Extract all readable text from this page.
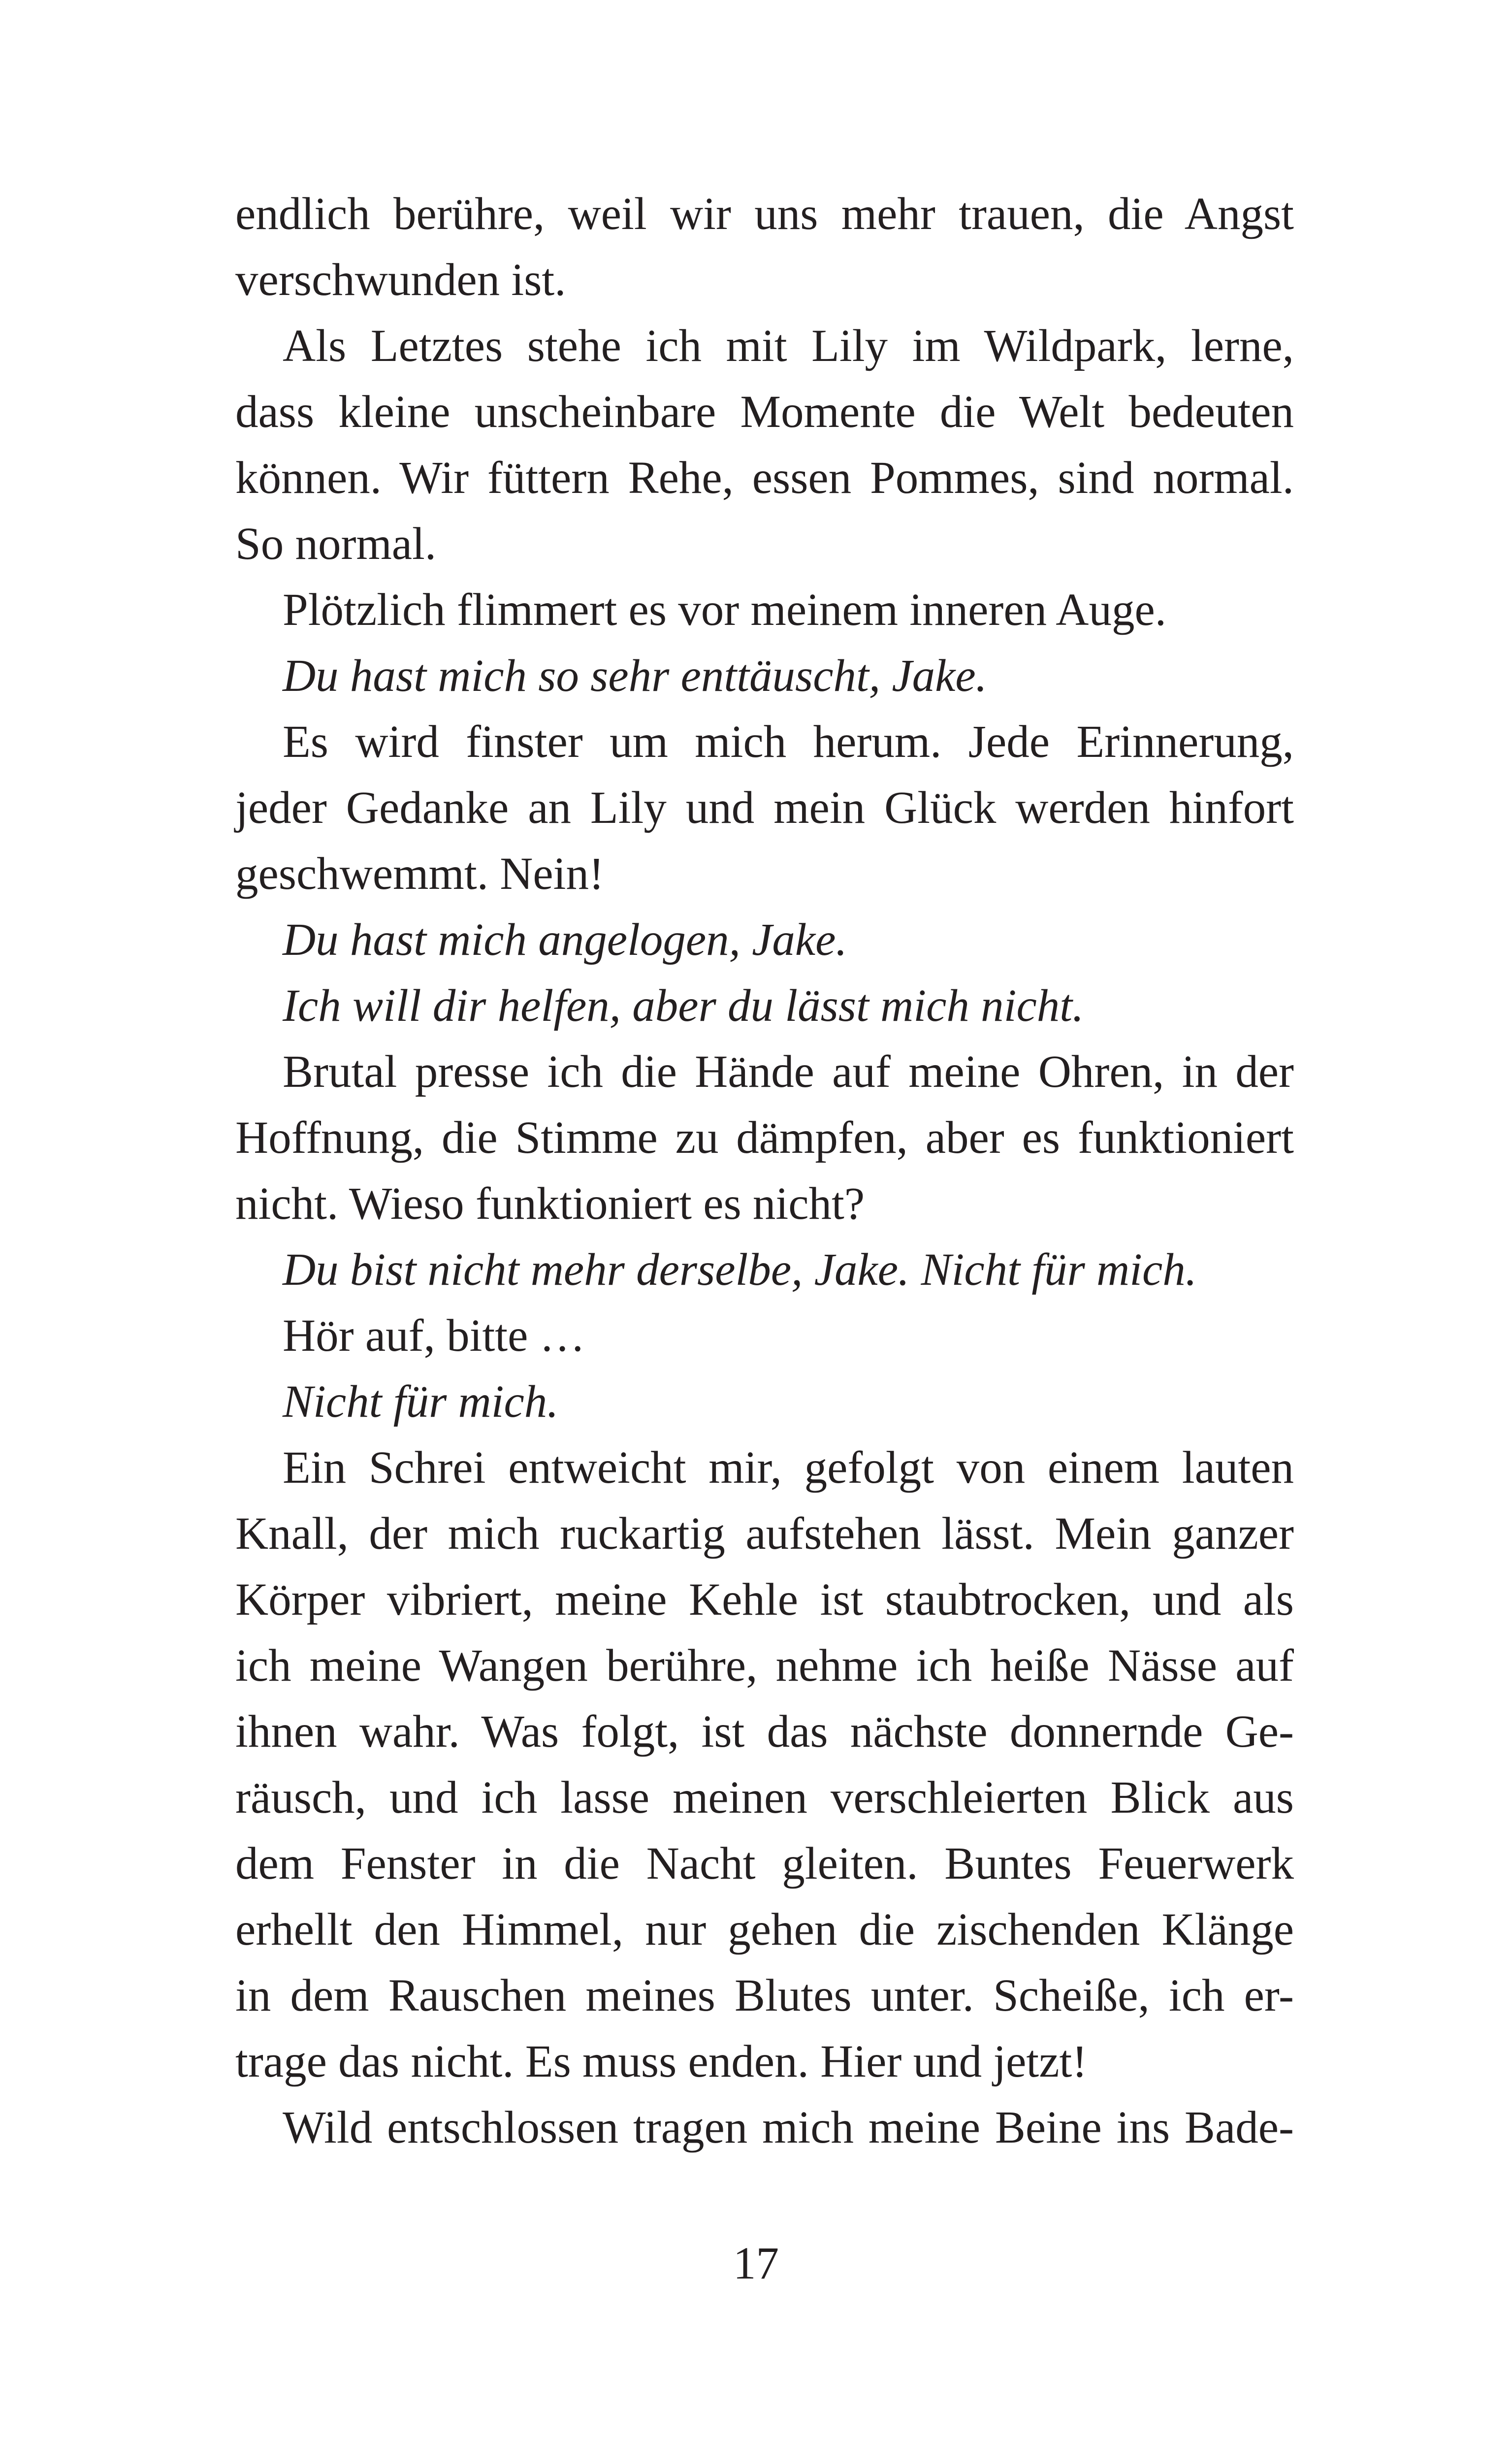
endlich berühre, weil wir uns mehr trauen, die Angst
verschwunden ist.
Als Letztes stehe ich mit Lily im Wildpark, lerne,
dass kleine unscheinbare Momente die Welt bedeuten
können. Wir füttern Rehe, essen Pommes, sind normal.
So normal.
Plötzlich flimmert es vor meinem inneren Auge.
Du hast mich so sehr enttäuscht, Jake.
Es wird finster um mich herum. Jede Erinnerung,
jeder Gedanke an Lily und mein Glück werden hinfort
geschwemmt. Nein!
Du hast mich angelogen, Jake.
Ich will dir helfen, aber du lässt mich nicht.
Brutal presse ich die Hände auf meine Ohren, in der
Hoffnung, die Stimme zu dämpfen, aber es funktioniert
nicht. Wieso funktioniert es nicht?
Du bist nicht mehr derselbe, Jake. Nicht für mich.
Hör auf, bitte …
Nicht für mich.
Ein Schrei entweicht mir, gefolgt von einem lauten
Knall, der mich ruckartig aufstehen lässt. Mein ganzer
Körper vibriert, meine Kehle ist staubtrocken, und als
ich meine Wangen berühre, nehme ich heiße Nässe auf
ihnen wahr. Was folgt, ist das nächste donnernde Ge-
räusch, und ich lasse meinen verschleierten Blick aus
dem Fenster in die Nacht gleiten. Buntes Feuerwerk
erhellt den Himmel, nur gehen die zischenden Klänge
in dem Rauschen meines Blutes unter. Scheiße, ich er-
trage das nicht. Es muss enden. Hier und jetzt!
Wild entschlossen tragen mich meine Beine ins Bade-
17
